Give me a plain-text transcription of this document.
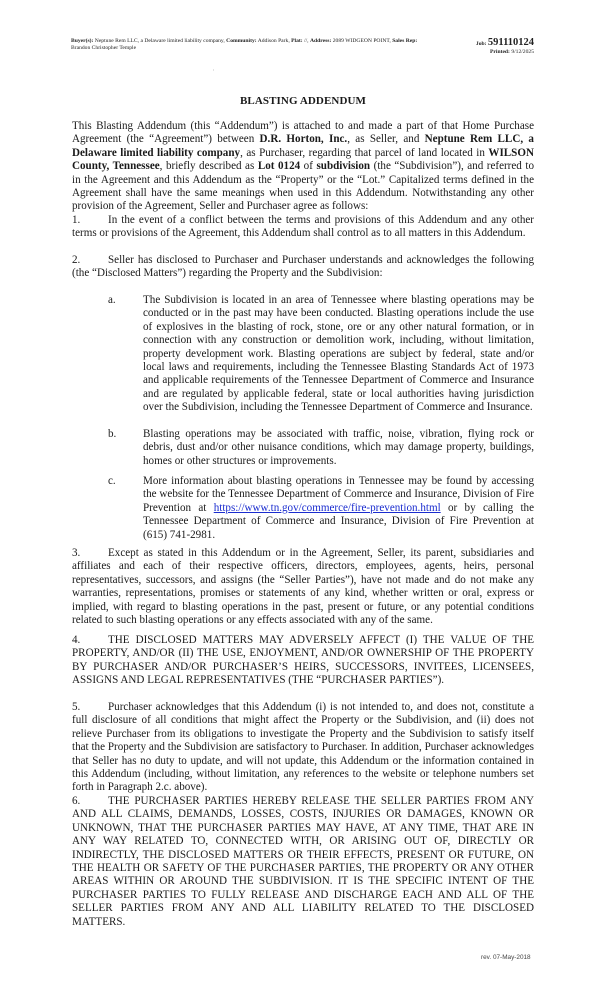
Buyer(s): Neptune Rem LLC, a Delaware limited liability company, Community: Addison Park, Plat: //, Address: 2089 WIDGEON POINT, Sales Rep:
Brandon Christopher Temple
Job: 591110124
Printed: 9/12/2025
'
BLASTING ADDENDUM

This Blasting Addendum (this “Addendum”) is attached to and made a part of that Home Purchase Agreement (the “Agreement”) between D.R. Horton, Inc., as Seller, and Neptune Rem LLC, a Delaware limited liability company, as Purchaser, regarding that parcel of land located in WILSON County, Tennessee, briefly described as Lot 0124 of subdivision (the “Subdivision”), and referred to in the Agreement and this Addendum as the “Property” or the “Lot.” Capitalized terms defined in the Agreement shall have the same meanings when used in this Addendum. Notwithstanding any other provision of the Agreement, Seller and Purchaser agree as follows:

1. In the event of a conflict between the terms and provisions of this Addendum and any other terms or provisions of the Agreement, this Addendum shall control as to all matters in this Addendum.

2. Seller has disclosed to Purchaser and Purchaser understands and acknowledges the following (the “Disclosed Matters”) regarding the Property and the Subdivision:

a. The Subdivision is located in an area of Tennessee where blasting operations may be conducted or in the past may have been conducted. Blasting operations include the use of explosives in the blasting of rock, stone, ore or any other natural formation, or in connection with any construction or demolition work, including, without limitation, property development work. Blasting operations are subject by federal, state and/or local laws and requirements, including the Tennessee Blasting Standards Act of 1973 and applicable requirements of the Tennessee Department of Commerce and Insurance and are regulated by applicable federal, state or local authorities having jurisdiction over the Subdivision, including the Tennessee Department of Commerce and Insurance.
b. Blasting operations may be associated with traffic, noise, vibration, flying rock or debris, dust and/or other nuisance conditions, which may damage property, buildings, homes or other structures or improvements.
c. More information about blasting operations in Tennessee may be found by accessing the website for the Tennessee Department of Commerce and Insurance, Division of Fire Prevention at https://www.tn.gov/commerce/fire-prevention.html or by calling the Tennessee Department of Commerce and Insurance, Division of Fire Prevention at (615) 741-2981.

3. Except as stated in this Addendum or in the Agreement, Seller, its parent, subsidiaries and affiliates and each of their respective officers, directors, employees, agents, heirs, personal representatives, successors, and assigns (the “Seller Parties”), have not made and do not make any warranties, representations, promises or statements of any kind, whether written or oral, express or implied, with regard to blasting operations in the past, present or future, or any potential conditions related to such blasting operations or any effects associated with any of the same.

4. THE DISCLOSED MATTERS MAY ADVERSELY AFFECT (I) THE VALUE OF THE PROPERTY, AND/OR (II) THE USE, ENJOYMENT, AND/OR OWNERSHIP OF THE PROPERTY BY PURCHASER AND/OR PURCHASER’S HEIRS, SUCCESSORS, INVITEES, LICENSEES, ASSIGNS AND LEGAL REPRESENTATIVES (THE “PURCHASER PARTIES”).

5. Purchaser acknowledges that this Addendum (i) is not intended to, and does not, constitute a full disclosure of all conditions that might affect the Property or the Subdivision, and (ii) does not relieve Purchaser from its obligations to investigate the Property and the Subdivision to satisfy itself that the Property and the Subdivision are satisfactory to Purchaser. In addition, Purchaser acknowledges that Seller has no duty to update, and will not update, this Addendum or the information contained in this Addendum (including, without limitation, any references to the website or telephone numbers set forth in Paragraph 2.c. above).

6. THE PURCHASER PARTIES HEREBY RELEASE THE SELLER PARTIES FROM ANY AND ALL CLAIMS, DEMANDS, LOSSES, COSTS, INJURIES OR DAMAGES, KNOWN OR UNKNOWN, THAT THE PURCHASER PARTIES MAY HAVE, AT ANY TIME, THAT ARE IN ANY WAY RELATED TO, CONNECTED WITH, OR ARISING OUT OF, DIRECTLY OR INDIRECTLY, THE DISCLOSED MATTERS OR THEIR EFFECTS, PRESENT OR FUTURE, ON THE HEALTH OR SAFETY OF THE PURCHASER PARTIES, THE PROPERTY OR ANY OTHER AREAS WITHIN OR AROUND THE SUBDIVISION. IT IS THE SPECIFIC INTENT OF THE PURCHASER PARTIES TO FULLY RELEASE AND DISCHARGE EACH AND ALL OF THE SELLER PARTIES FROM ANY AND ALL LIABILITY RELATED TO THE DISCLOSED MATTERS.

rev. 07-May-2018
